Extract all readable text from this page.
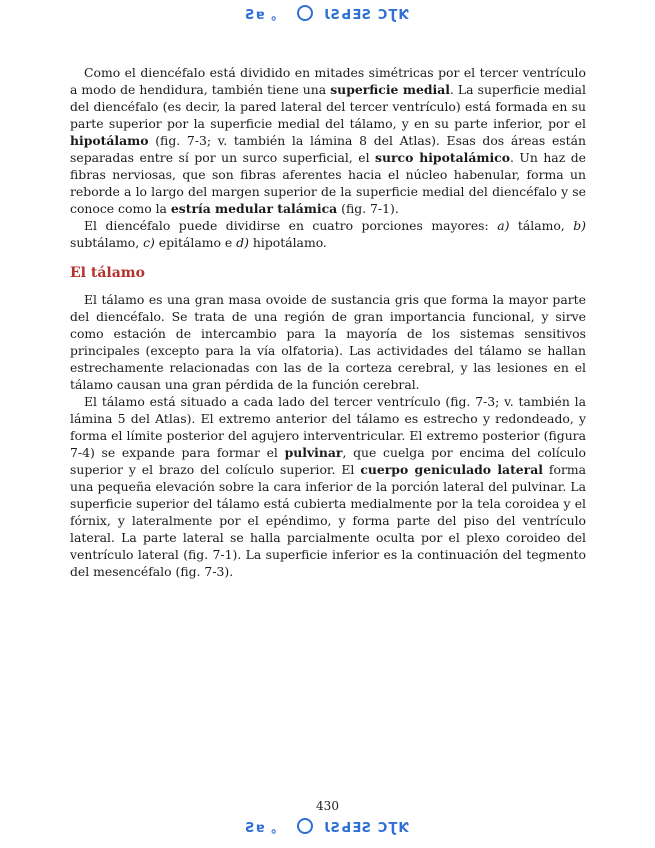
Ƨɐ 。	ƖƧԀƎƧ ƆƮƘ

Como el diencéfalo está dividido en mitades simétricas por el tercer ventrículo a modo de hendidura, también tiene una superficie medial. La superficie medial del diencéfalo (es decir, la pared lateral del tercer ventrículo) está formada en su parte superior por la superficie medial del tálamo, y en su parte inferior, por el hipotálamo (fig. 7-3; v. también la lámina 8 del Atlas). Esas dos áreas están separadas entre sí por un surco superficial, el surco hipotalámico. Un haz de fibras nerviosas, que son fibras aferentes hacia el núcleo habenular, forma un reborde a lo largo del margen superior de la superficie medial del diencéfalo y se conoce como la estría medular talámica (fig. 7-1).

El diencéfalo puede dividirse en cuatro porciones mayores: a) tálamo, b) subtálamo, c) epitálamo e d) hipotálamo.

El tálamo

El tálamo es una gran masa ovoide de sustancia gris que forma la mayor parte del diencéfalo. Se trata de una región de gran importancia funcional, y sirve como estación de intercambio para la mayoría de los sistemas sensitivos principales (excepto para la vía olfatoria). Las actividades del tálamo se hallan estrechamente relacionadas con las de la corteza cerebral, y las lesiones en el tálamo causan una gran pérdida de la función cerebral.

El tálamo está situado a cada lado del tercer ventrículo (fig. 7-3; v. también la lámina 5 del Atlas). El extremo anterior del tálamo es estrecho y redondeado, y forma el límite posterior del agujero interventricular. El extremo posterior (figura 7-4) se expande para formar el pulvinar, que cuelga por encima del colículo superior y el brazo del colículo superior. El cuerpo geniculado lateral forma una pequeña elevación sobre la cara inferior de la porción lateral del pulvinar. La superficie superior del tálamo está cubierta medialmente por la tela coroidea y el fórnix, y lateralmente por el epéndimo, y forma parte del piso del ventrículo lateral. La parte lateral se halla parcialmente oculta por el plexo coroideo del ventrículo lateral (fig. 7-1). La superficie inferior es la continuación del tegmento del mesencéfalo (fig. 7-3).

430
Ƨɐ 。	ƖƧԀƎƧ ƆƮƘ
